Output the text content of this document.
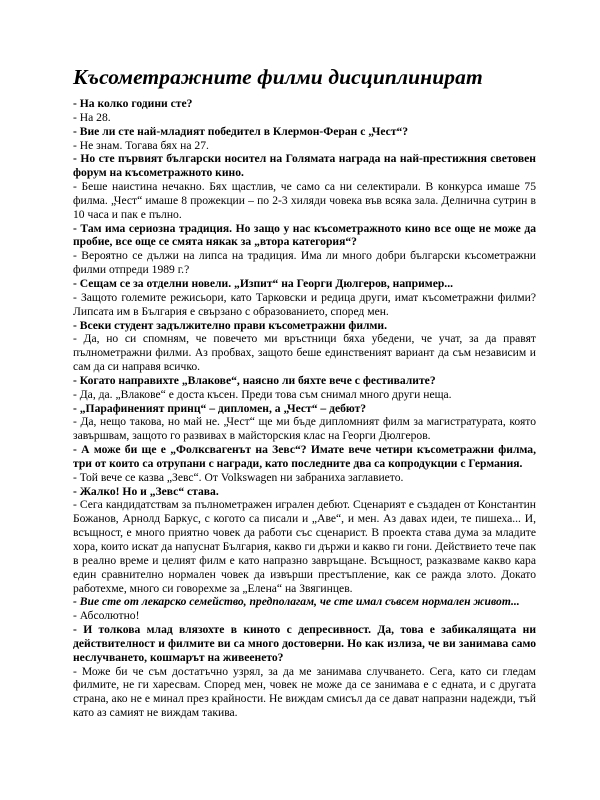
Късометражните филми дисциплинират

- На колко години сте?

- На 28.

- Вие ли сте най-младият победител в Клермон-Феран с „Чест“?

- Не знам. Тогава бях на 27.

- Но сте първият български носител на Голямата награда на най-престижния световен форум на късометражното кино.

- Беше наистина нечакно. Бях щастлив, че само са ни селектирали. В конкурса имаше 75 филма. „Чест“ имаше 8 прожекции – по 2-3 хиляди човека във всяка зала. Делнична сутрин в 10 часа и пак е пълно.

- Там има сериозна традиция. Но защо у нас късометражното кино все още не може да пробие, все още се смята някак за „втора категория“?

- Вероятно се дължи на липса на традиция. Има ли много добри български късометражни филми отпреди 1989 г.?

- Сещам се за отделни новели. „Изпит“ на Георги Дюлгеров, например...

- Защото големите режисьори, като Тарковски и редица други, имат късометражни филми? Липсата им в България е свързано с образованието, според мен.

- Всеки студент задължително прави късометражни филми.

- Да, но си спомням, че повечето ми връстници бяха убедени, че учат, за да правят пълнометражни филми. Аз пробвах, защото беше единственият вариант да съм независим и сам да си направя всичко.

- Когато направихте „Влакове“, наясно ли бяхте вече с фестивалите?

- Да, да. „Влакове“ е доста късен. Преди това съм снимал много други неща.

- „Парафиненият принц“ – дипломен, а „Чест“ – дебют?

- Да, нещо такова, но май не. „Чест“ ще ми бъде дипломният филм за магистратурата, която завършвам, защото го развивах в майсторския клас на Георги Дюлгеров.

- А може би ще е „Фолксвагенът на Зевс“? Имате вече четири късометражни филма, три от които са отрупани с награди, като последните два са копродукции с Германия.

- Той вече се казва „Зевс“. От Volkswagen ни забраниха заглавието.

- Жалко! Но и „Зевс“ става.

- Сега кандидатствам за пълнометражен игрален дебют. Сценарият е създаден от Константин Божанов, Арнолд Баркус, с когото са писали и „Аве“, и мен. Аз давах идеи, те пишеха... И, всъщност, е много приятно човек да работи със сценарист. В проекта става дума за младите хора, които искат да напуснат България, какво ги държи и какво ги гони. Действието тече пак в реално време и целият филм е като напразно завръщане. Всъщност, разказваме какво кара един сравнително нормален човек да извърши престъпление, как се ражда злото. Докато работехме, много си говорехме за „Елена“ на Звягинцев.

- Вие сте от лекарско семейство, предполагам, че сте имал съвсем нормален живот...

- Абсолютно!

- И толкова млад влязохте в киното с депресивност. Да, това е забикалящата ни действителност и филмите ви са много достоверни. Но как излиза, че ви занимава само неслучването, кошмарът на живеенето?

- Може би че съм достатъчно узрял, за да ме занимава случването. Сега, като си гледам филмите, не ги харесвам. Според мен, човек не може да се занимава е с едната, и с другата страна, ако не е минал през крайности. Не виждам смисъл да се дават напразни надежди, тъй като аз самият не виждам такива.
